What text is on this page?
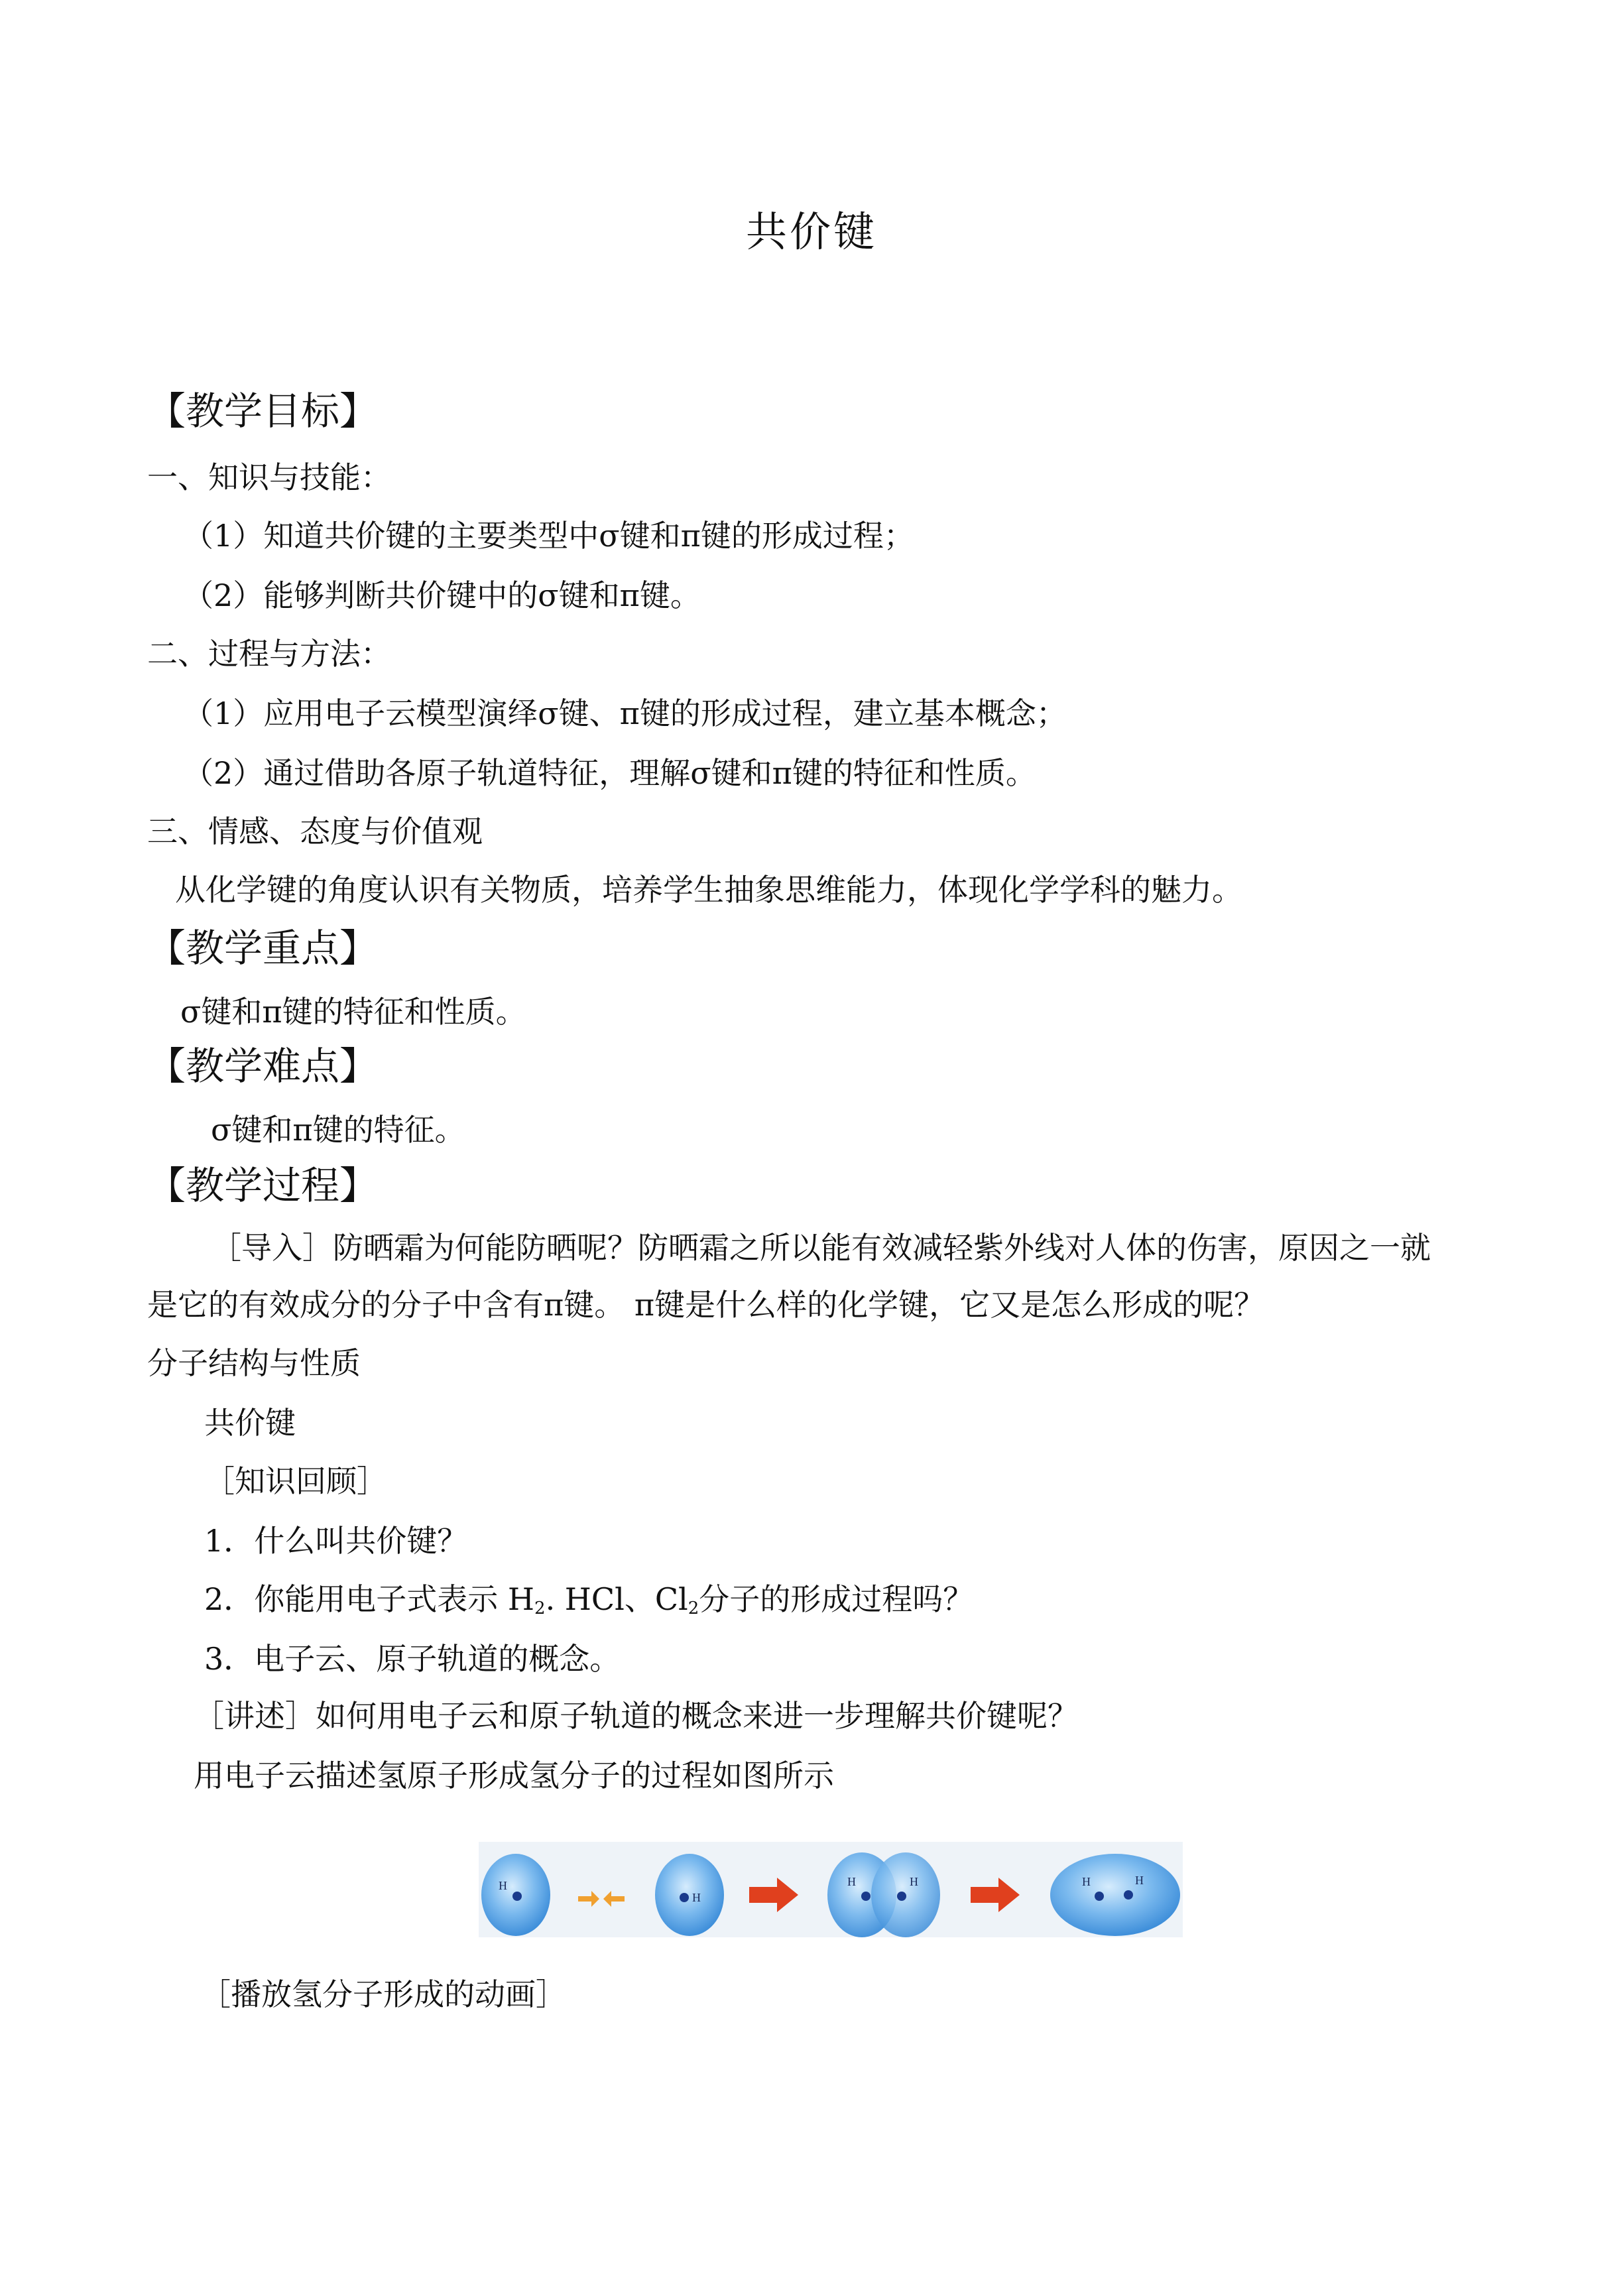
共价键
【教学目标】
一、知识与技能：
（1）知道共价键的主要类型中σ键和π键的形成过程；
（2）能够判断共价键中的σ键和π键。
二、过程与方法：
（1）应用电子云模型演绎σ键、π键的形成过程，建立基本概念；
（2）通过借助各原子轨道特征，理解σ键和π键的特征和性质。
三、情感、态度与价值观
从化学键的角度认识有关物质，培养学生抽象思维能力，体现化学学科的魅力。
【教学重点】
σ键和π键的特征和性质。
【教学难点】
σ键和π键的特征。
【教学过程】
［导入］防晒霜为何能防晒呢？防晒霜之所以能有效减轻紫外线对人体的伤害，原因之一就
是它的有效成分的分子中含有π键。 π键是什么样的化学键，它又是怎么形成的呢？
分子结构与性质
共价键
［知识回顾］
1．什么叫共价键？
2．你能用电子式表示 $H_2$. HCl、$Cl_2$分子的形成过程吗？
3．电子云、原子轨道的概念。
［讲述］如何用电子云和原子轨道的概念来进一步理解共价键呢？
用电子云描述氢原子形成氢分子的过程如图所示
H
H
H	H	H	H
［播放氢分子形成的动画］
